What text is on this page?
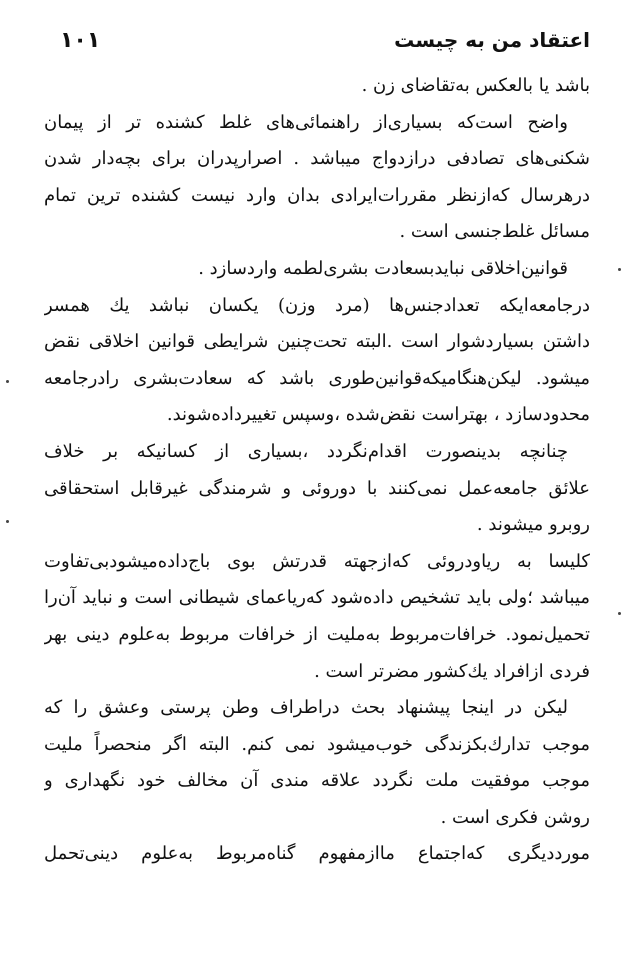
۱۰۱	اعتقاد من به چیست
باشد یا بالعکس به‌تقاضای زن .
واضح است‌که بسیاری‌از راهنمائی‌های غلط کشنده تر از پیمان
شکنی‌های تصادفی درازدواج میباشد . اصرارپدران برای بچه‌دار شدن
درهرسال که‌ازنظر مقررات‌ایرادی بدان وارد نیست کشنده ترین تمام
مسائل غلط‌جنسی است .
قوانین‌اخلاقی نبایدبسعادت بشری‌لطمه واردسازد .
درجامعه‌ایکه تعدادجنس‌ها (مرد وزن) یکسان نباشد یك همسر
داشتن بسیاردشوار است .البته تحت‌چنین شرایطی قوانین اخلاقی نقض
میشود. لیکن‌هنگامیکه‌قوانین‌طوری باشد که سعادت‌بشری رادرجامعه
محدودسازد ، بهتراست نقض‌شده ،وسپس تغییرداده‌شوند.
چنانچه بدینصورت اقدام‌نگردد ،بسیاری از کسانیکه بر خلاف
علائق جامعه‌عمل نمی‌کنند با دوروئی و شرمندگی غیرقابل استحقاقی
روبرو میشوند .
کلیسا به ریاودروئی که‌ازجهته قدرتش بوی باج‌داده‌میشودبی‌تفاوت
میباشد ؛ولی باید تشخیص داده‌شود که‌ریاعمای شیطانی است و نباید آن‌را
تحمیل‌نمود. خرافات‌مربوط به‌ملیت از خرافات مربوط به‌علوم دینی بهر
فردی ازافراد یك‌کشور مضرتر است .
لیکن در اینجا پیشنهاد بحث دراطراف وطن پرستی وعشق را که
موجب تدارك‌بکزندگی خوب‌میشود نمی کنم. البته اگر منحصراً ملیت
موجب موفقیت ملت نگردد علاقه مندی آن مخالف خود نگهداری و
روشن فکری است .
مورددیگری که‌اجتماع ما‌ازمفهوم گناه‌مربوط به‌علوم دینی‌تحمل
